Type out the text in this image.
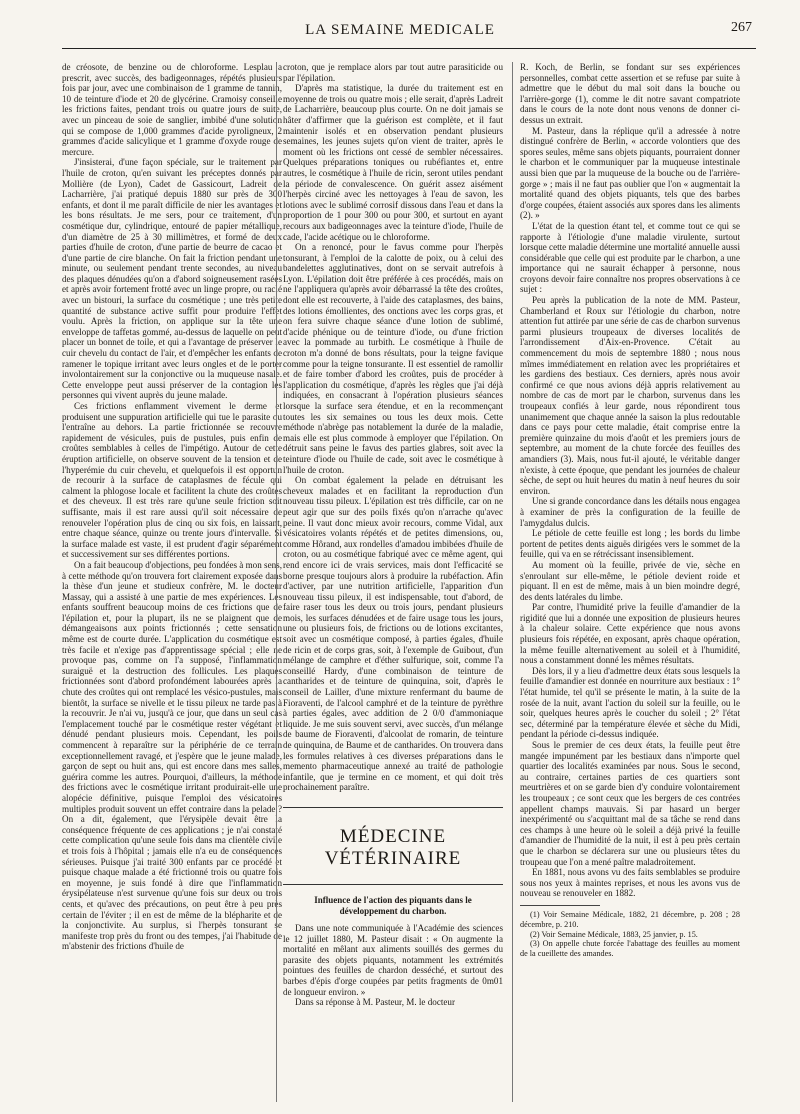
LA SEMAINE MEDICALE	267

de créosote, de benzine ou de chloroforme. Lesplau a prescrit, avec succès, des badigeonnages, répétés plusieurs fois par jour, avec une combinaison de 1 gramme de tannin, 10 de teinture d'iode et 20 de glycérine. Cramoisy conseille les frictions faites, pendant trois ou quatre jours de suite, avec un pinceau de soie de sanglier, imbibé d'une solution qui se compose de 1,000 grammes d'acide pyroligneux, 2 grammes d'acide salicylique et 1 gramme d'oxyde rouge de mercure.

J'insisterai, d'une façon spéciale, sur le traitement par l'huile de croton, qu'en suivant les préceptes donnés par Mollière (de Lyon), Cadet de Gassicourt, Ladreit de Lacharrière, j'ai pratiqué depuis 1880 sur près de 300 enfants, et dont il me paraît difficile de nier les avantages et les bons résultats. Je me sers, pour ce traitement, d'un cosmétique dur, cylindrique, entouré de papier métallique, d'un diamètre de 25 à 30 millimètres, et formé de deux parties d'huile de croton, d'une partie de beurre de cacao et d'une partie de cire blanche. On fait la friction pendant une minute, ou seulement pendant trente secondes, au niveau des plaques dénudées qu'on a d'abord soigneusement rasées et après avoir fortement frotté avec un linge propre, ou raclé avec un bistouri, la surface du cosmétique ; une très petite quantité de substance active suffit pour produire l'effet voulu. Après la friction, on applique sur la tête une enveloppe de taffetas gommé, au-dessus de laquelle on peut placer un bonnet de toile, et qui a l'avantage de préserver le cuir chevelu du contact de l'air, et d'empêcher les enfants de ramener le topique irritant avec leurs ongles et de le porter involontairement sur la conjonctive ou la muqueuse nasale. Cette enveloppe peut aussi préserver de la contagion les personnes qui vivent auprès du jeune malade.

Ces frictions enflamment vivement le derme et produisent une suppuration artificielle qui tue le parasite ou l'entraîne au dehors. La partie frictionnée se recouvre rapidement de vésicules, puis de pustules, puis enfin de croûtes semblables à celles de l'impétigo. Autour de cette éruption artificielle, on observe souvent de la tension et de l'hyperémie du cuir chevelu, et quelquefois il est opportun de recourir à la surface de cataplasmes de fécule qui calment la phlogose locale et facilitent la chute des croûtes et des cheveux. Il est très rare qu'une seule friction soit suffisante, mais il est rare aussi qu'il soit nécessaire de renouveler l'opération plus de cinq ou six fois, en laissant, entre chaque séance, quinze ou trente jours d'intervalle. Si la surface malade est vaste, il est prudent d'agir séparément et successivement sur ses différentes portions.

On a fait beaucoup d'objections, peu fondées à mon sens, à cette méthode qu'on trouvera fort clairement exposée dans la thèse d'un jeune et studieux confrère, M. le docteur Massay, qui a assisté à une partie de mes expériences. Les enfants souffrent beaucoup moins de ces frictions que de l'épilation et, pour la plupart, ils ne se plaignent que de démangeaisons aux points frictionnés ; cette sensation même est de courte durée. L'application du cosmétique est très facile et n'exige pas d'apprentissage spécial ; elle ne provoque pas, comme on l'a supposé, l'inflammation suraiguë et la destruction des follicules. Les plaques frictionnées sont d'abord profondément labourées après la chute des croûtes qui ont remplacé les vésico-pustules, mais bientôt, la surface se nivelle et le tissu pileux ne tarde pas à la recouvrir. Je n'ai vu, jusqu'à ce jour, que dans un seul cas l'emplacement touché par le cosmétique rester végétant et dénudé pendant plusieurs mois. Cependant, les poils commencent à reparaître sur la périphérie de ce terrain exceptionnellement ravagé, et j'espère que le jeune malade, garçon de sept ou huit ans, qui est encore dans mes salles, guérira comme les autres. Pourquoi, d'ailleurs, la méthode des frictions avec le cosmétique irritant produirait-elle une alopécie définitive, puisque l'emploi des vésicatoires multiples produit souvent un effet contraire dans la pelade ? On a dit, également, que l'érysipèle devait être la conséquence fréquente de ces applications ; je n'ai constaté cette complication qu'une seule fois dans ma clientèle civile et trois fois à l'hôpital ; jamais elle n'a eu de conséquences sérieuses. Puisque j'ai traité 300 enfants par ce procédé et puisque chaque malade a été frictionné trois ou quatre fois en moyenne, je suis fondé à dire que l'inflammation érysipélateuse n'est survenue qu'une fois sur deux ou trois cents, et qu'avec des précautions, on peut être à peu près certain de l'éviter ; il en est de même de la blépharite et de la conjonctivite. Au surplus, si l'herpès tonsurant se manifeste trop près du front ou des tempes, j'ai l'habitude de m'abstenir des frictions d'huile de

croton, que je remplace alors par tout autre parasiticide ou par l'épilation.

D'après ma statistique, la durée du traitement est en moyenne de trois ou quatre mois ; elle serait, d'après Ladreit de Lacharrière, beaucoup plus courte. On ne doit jamais se hâter d'affirmer que la guérison est complète, et il faut maintenir isolés et en observation pendant plusieurs semaines, les jeunes sujets qu'on vient de traiter, après le moment où les frictions ont cessé de sembler nécessaires. Quelques préparations toniques ou rubéfiantes et, entre autres, le cosmétique à l'huile de ricin, seront utiles pendant la période de convalescence. On guérit assez aisément l'herpès circiné avec les nettoyages à l'eau de savon, les lotions avec le sublimé corrosif dissous dans l'eau et dans la proportion de 1 pour 300 ou pour 300, et surtout en ayant recours aux badigeonnages avec la teinture d'iode, l'huile de cade, l'acide acétique ou le chloroforme.

On a renoncé, pour le favus comme pour l'herpès tonsurant, à l'emploi de la calotte de poix, ou à celui des bandelettes agglutinatives, dont on se servait autrefois à Lyon. L'épilation doit être préférée à ces procédés, mais on ne l'appliquera qu'après avoir débarrassé la tête des croûtes, dont elle est recouverte, à l'aide des cataplasmes, des bains, des lotions émollientes, des onctions avec les corps gras, et on fera suivre chaque séance d'une lotion de sublimé, d'acide phénique ou de teinture d'iode, ou d'une friction avec la pommade au turbith. Le cosmétique à l'huile de croton m'a donné de bons résultats, pour la teigne favique comme pour la teigne tonsurante. Il est essentiel de ramollir et de faire tomber d'abord les croûtes, puis de procéder à l'application du cosmétique, d'après les règles que j'ai déjà indiquées, en consacrant à l'opération plusieurs séances lorsque la surface sera étendue, et en la recommençant toutes les six semaines ou tous les deux mois. Cette méthode n'abrège pas notablement la durée de la maladie, mais elle est plus commode à employer que l'épilation. On détruit sans peine le favus des parties glabres, soit avec la teinture d'iode ou l'huile de cade, soit avec le cosmétique à l'huile de croton.

On combat également la pelade en détruisant les cheveux malades et en facilitant la reproduction d'un nouveau tissu pileux. L'épilation est très difficile, car on ne peut agir que sur des poils fixés qu'on n'arrache qu'avec peine. Il vaut donc mieux avoir recours, comme Vidal, aux vésicatoires volants répétés et de petites dimensions, ou, comme Hôrand, aux rondelles d'amadou imbibées d'huile de croton, ou au cosmétique fabriqué avec ce même agent, qui rend encore ici de vrais services, mais dont l'efficacité se borne presque toujours alors à produire la rubéfaction. Afin d'activer, par une nutrition artificielle, l'apparition d'un nouveau tissu pileux, il est indispensable, tout d'abord, de faire raser tous les deux ou trois jours, pendant plusieurs mois, les surfaces dénudées et de faire usage tous les jours, une ou plusieurs fois, de frictions ou de lotions excitantes, soit avec un cosmétique composé, à parties égales, d'huile de ricin et de corps gras, soit, à l'exemple de Guibout, d'un mélange de camphre et d'éther sulfurique, soit, comme l'a conseillé Hardy, d'une combinaison de teinture de cantharides et de teinture de quinquina, soit, d'après le conseil de Lailler, d'une mixture renfermant du baume de Fioraventi, de l'alcool camphré et de la teinture de pyrèthre à parties égales, avec addition de 2 0/0 d'ammoniaque liquide. Je me suis souvent servi, avec succès, d'un mélange de baume de Fioraventi, d'alcoolat de romarin, de teinture de quinquina, de Baume et de cantharides. On trouvera dans les formules relatives à ces diverses préparations dans le memento pharmaceutique annexé au traité de pathologie infantile, que je termine en ce moment, et qui doit très prochainement paraître.

MÉDECINE VÉTÉRINAIRE
Influence de l'action des piquants dans le développement du charbon.

Dans une note communiquée à l'Académie des sciences le 12 juillet 1880, M. Pasteur disait : « On augmente la mortalité en mêlant aux aliments souillés des germes du parasite des objets piquants, notamment les extrémités pointues des feuilles de chardon desséché, et surtout des barbes d'épis d'orge coupées par petits fragments de 0m01 de longueur environ. »

Dans sa réponse à M. Pasteur, M. le docteur

R. Koch, de Berlin, se fondant sur ses expériences personnelles, combat cette assertion et se refuse par suite à admettre que le début du mal soit dans la bouche ou l'arrière-gorge (1), comme le dit notre savant compatriote dans le cours de la note dont nous venons de donner ci-dessus un extrait.

M. Pasteur, dans la réplique qu'il a adressée à notre distingué confrère de Berlin, « accorde volontiers que des spores seules, même sans objets piquants, pourraient donner le charbon et le communiquer par la muqueuse intestinale aussi bien que par la muqueuse de la bouche ou de l'arrière-gorge » ; mais il ne faut pas oublier que l'on « augmentait la mortalité quand des objets piquants, tels que des barbes d'orge coupées, étaient associés aux spores dans les aliments (2). »

L'état de la question étant tel, et comme tout ce qui se rapporte à l'étiologie d'une maladie virulente, surtout lorsque cette maladie détermine une mortalité annuelle aussi considérable que celle qui est produite par le charbon, a une importance qui ne saurait échapper à personne, nous croyons devoir faire connaître nos propres observations à ce sujet :

Peu après la publication de la note de MM. Pasteur, Chamberland et Roux sur l'étiologie du charbon, notre attention fut attirée par une série de cas de charbon survenus parmi plusieurs troupeaux de diverses localités de l'arrondissement d'Aix-en-Provence. C'était au commencement du mois de septembre 1880 ; nous nous mîmes immédiatement en relation avec les propriétaires et les gardiens des bestiaux. Ces derniers, après nous avoir confirmé ce que nous avions déjà appris relativement au nombre de cas de mort par le charbon, survenus dans les troupeaux confiés à leur garde, nous répondirent tous unanimement que chaque année la saison la plus redoutable dans ce pays pour cette maladie, était comprise entre la première quinzaine du mois d'août et les premiers jours de septembre, au moment de la chute forcée des feuilles des amandiers (3). Mais, nous fut-il ajouté, le véritable danger n'existe, à cette époque, que pendant les journées de chaleur sèche, de sept ou huit heures du matin à neuf heures du soir environ.

Une si grande concordance dans les détails nous engagea à examiner de près la configuration de la feuille de l'amygdalus dulcis.

Le pétiole de cette feuille est long ; les bords du limbe portent de petites dents aiguës dirigées vers le sommet de la feuille, qui va en se rétrécissant insensiblement.

Au moment où la feuille, privée de vie, sèche en s'enroulant sur elle-même, le pétiole devient roide et piquant. Il en est de même, mais à un bien moindre degré, des dents latérales du limbe.

Par contre, l'humidité prive la feuille d'amandier de la rigidité que lui a donnée une exposition de plusieurs heures à la chaleur solaire. Cette expérience que nous avons plusieurs fois répétée, en exposant, après chaque opération, la même feuille alternativement au soleil et à l'humidité, nous a constamment donné les mêmes résultats.

Dès lors, il y a lieu d'admettre deux états sous lesquels la feuille d'amandier est donnée en nourriture aux bestiaux : 1° l'état humide, tel qu'il se présente le matin, à la suite de la rosée de la nuit, avant l'action du soleil sur la feuille, ou le soir, quelques heures après le coucher du soleil ; 2° l'état sec, déterminé par la température élevée et sèche du Midi, pendant la période ci-dessus indiquée.

Sous le premier de ces deux états, la feuille peut être mangée impunément par les bestiaux dans n'importe quel quartier des localités examinées par nous. Sous le second, au contraire, certaines parties de ces quartiers sont meurtrières et on se garde bien d'y conduire volontairement les troupeaux ; ce sont ceux que les bergers de ces contrées appellent champs mauvais. Si par hasard un berger inexpérimenté ou s'acquittant mal de sa tâche se rend dans ces champs à une heure où le soleil a déjà privé la feuille d'amandier de l'humidité de la nuit, il est à peu près certain que le charbon se déclarera sur une ou plusieurs têtes du troupeau que l'on a mené paître maladroitement.

En 1881, nous avons vu des faits semblables se produire sous nos yeux à maintes reprises, et nous les avons vus de nouveau se renouveler en 1882.

(1) Voir Semaine Médicale, 1882, 21 décembre, p. 208 ; 28 décembre, p. 210.

(2) Voir Semaine Médicale, 1883, 25 janvier, p. 15.

(3) On appelle chute forcée l'abattage des feuilles au moment de la cueillette des amandes.
